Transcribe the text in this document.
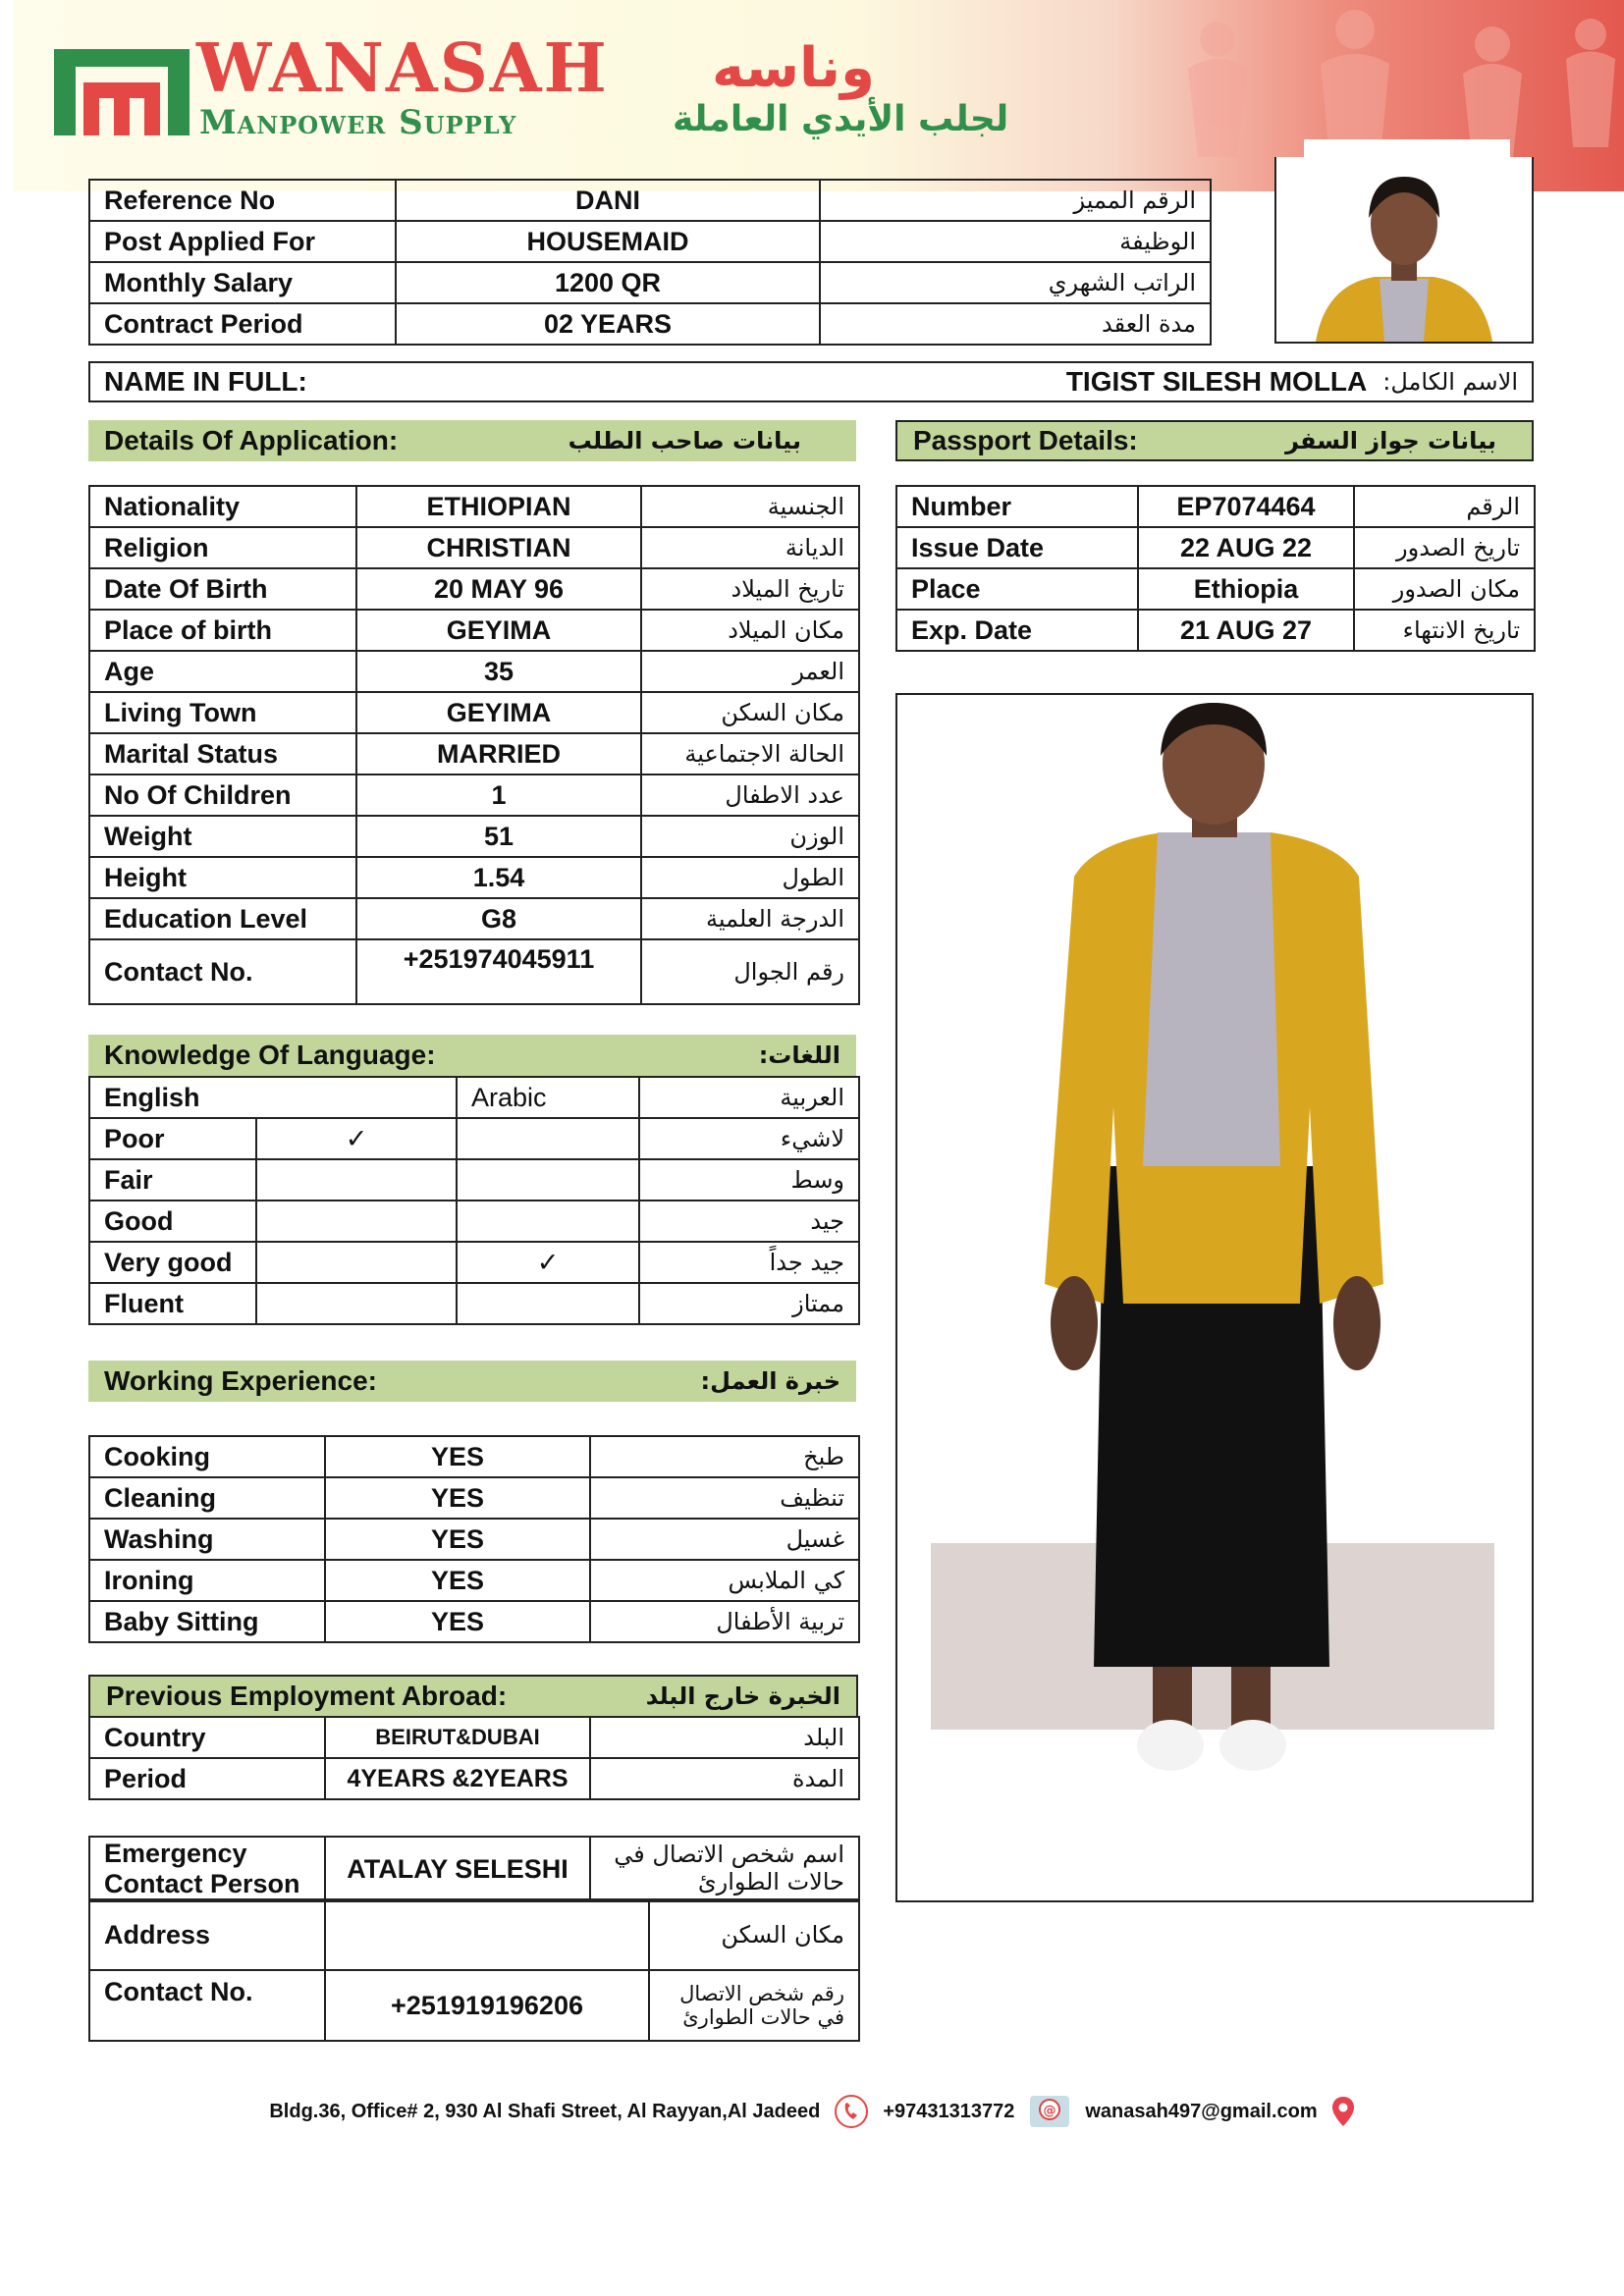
WANASAH وناسه
Manpower Supply	لجلب الأيدي العاملة
Reference No	DANI	الرقم المميز
Post Applied For	HOUSEMAID	الوظيفة
Monthly Salary	1200 QR	الراتب الشهري
Contract Period	02 YEARS	مدة العقد
NAME IN FULL:	TIGIST SILESH MOLLA الاسم الكامل:
Details Of Application:	بيانات صاحب الطلب	Passport Details:	بيانات جواز السفر
Nationality	ETHIOPIAN	الجنسية
Religion	CHRISTIAN	الديانة
Date Of Birth	20 MAY 96	تاريخ الميلاد
Place of birth	GEYIMA	مكان الميلاد
Age	35	العمر
Living Town	GEYIMA	مكان السكن
Marital Status	MARRIED	الحالة الاجتماعية
No Of Children	1	عدد الاطفال
Weight	51	الوزن
Height	1.54	الطول
Education Level	G8	الدرجة العلمية
Contact No.	+251974045911	رقم الجوال
Number	EP7074464	الرقم
Issue Date	22 AUG 22	تاريخ الصدور
Place	Ethiopia	مكان الصدور
Exp. Date	21 AUG 27	تاريخ الانتهاء
Knowledge Of Language:	اللغات:
English		Arabic	العربية
Poor	✓		لاشيء
Fair			وسط
Good			جيد
Very good		✓	جيد جداً
Fluent			ممتاز
Working Experience:	خبرة العمل:
Cooking	YES	طبخ
Cleaning	YES	تنظيف
Washing	YES	غسيل
Ironing	YES	كي الملابس
Baby Sitting	YES	تربية الأطفال
Previous Employment Abroad:	الخبرة خارج البلد
Country	BEIRUT&DUBAI	البلد
Period	4YEARS &2YEARS	المدة
Emergency Contact Person	ATALAY SELESHI	اسم شخص الاتصال في حالات الطوارئ
Address		مكان السكن
Contact No.	+251919196206	رقم شخص الاتصال في حالات الطوارئ
Bldg.36, Office# 2, 930 Al Shafi Street, Al Rayyan,Al Jadeed	+97431313772 @ wanasah497@gmail.com
